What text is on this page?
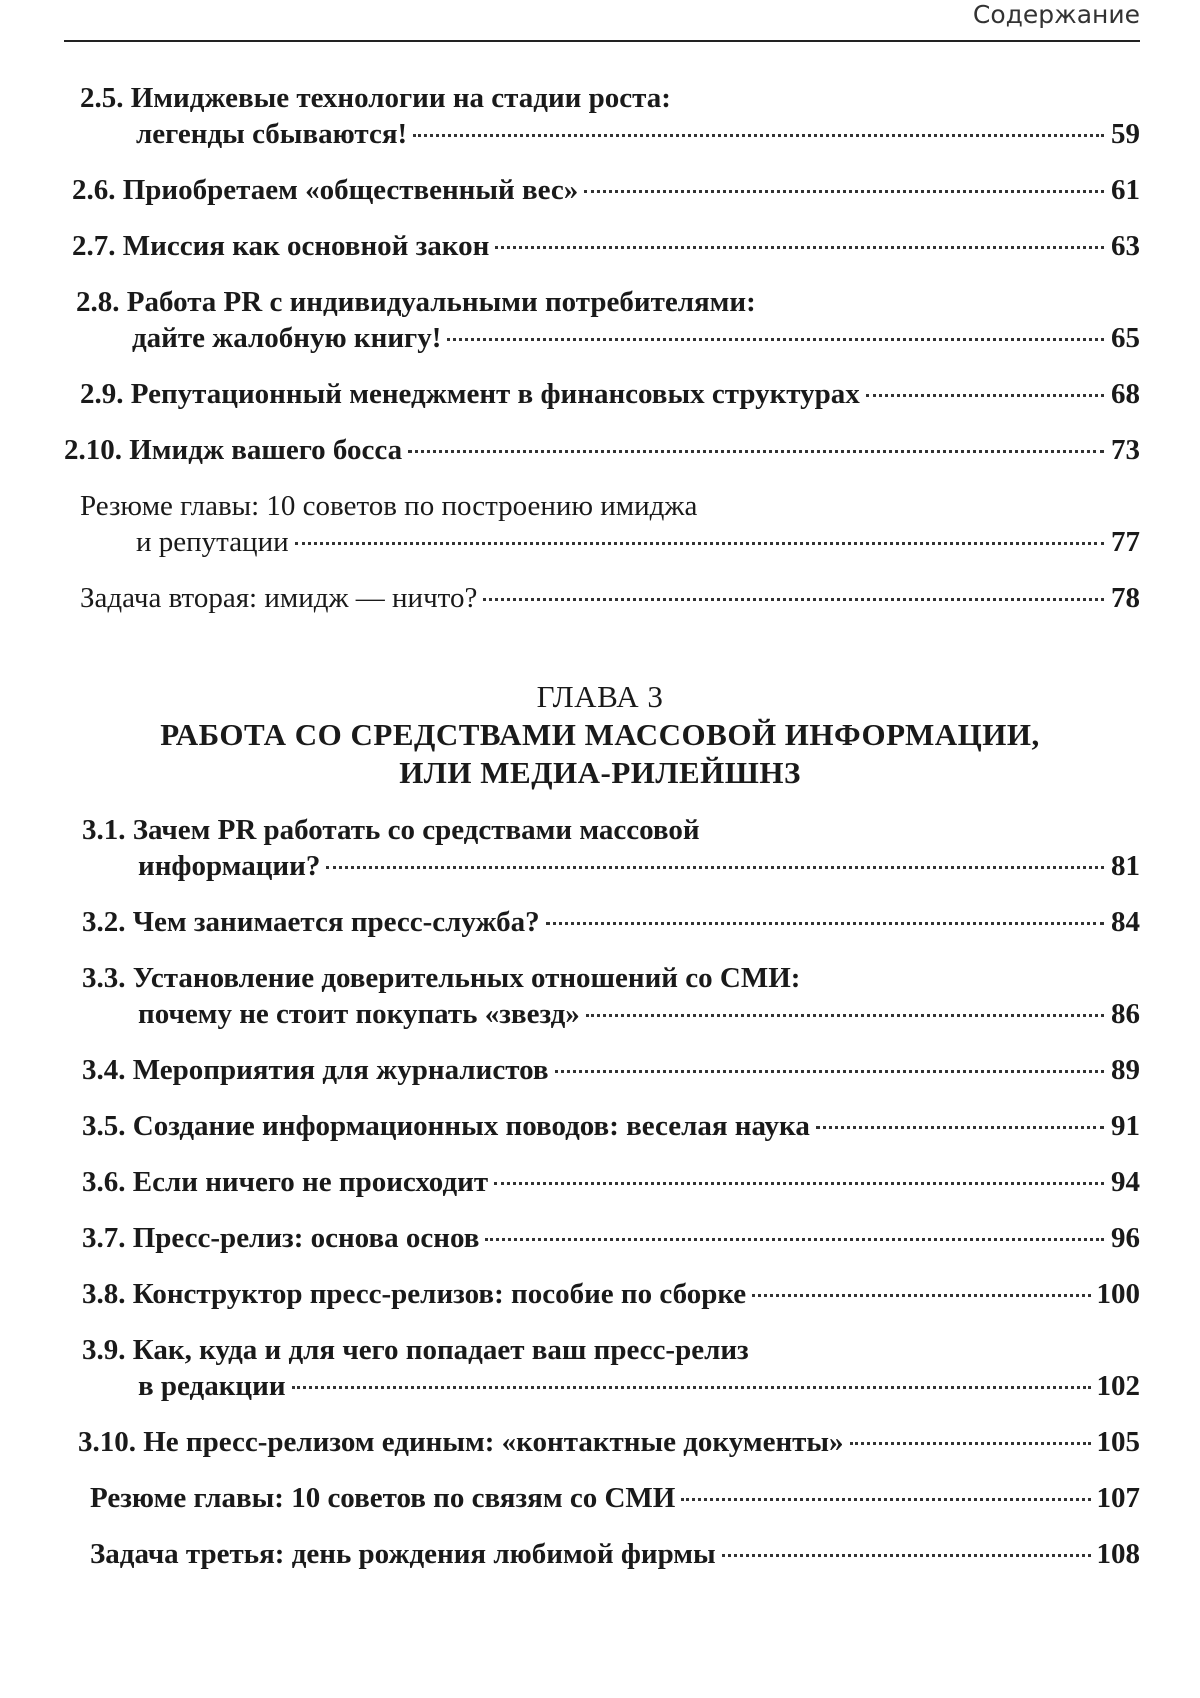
Содержание
2.5. Имиджевые технологии на стадии роста:
легенды сбываются!	59
2.6.
Приобретаем «общественный вес»	61
2.7.
Миссия как основной закон	63
2.8. Работа PR с индивидуальными потребителями:
дайте жалобную книгу!	65
2.9.
Репутационный менеджмент в финансовых структурах	68
2.10.
Имидж вашего босса	73
Резюме главы: 10 советов по построению имиджа
и репутации	77
Задача вторая: имидж — ничто?	78
ГЛАВА 3
РАБОТА СО СРЕДСТВАМИ МАССОВОЙ ИНФОРМАЦИИ,
ИЛИ МЕДИА-РИЛЕЙШНЗ
3.1. Зачем PR работать со средствами массовой
информации?	81
3.2.
Чем занимается пресс-служба?	84
3.3. Установление доверительных отношений со СМИ:
почему не стоит покупать «звезд»	86
3.4.
Мероприятия для журналистов	89
3.5.
Создание информационных поводов: веселая наука	91
3.6.
Если ничего не происходит	94
3.7.
Пресс-релиз: основа основ	96
3.8.
Конструктор пресс-релизов: пособие по сборке	100
3.9. Как, куда и для чего попадает ваш пресс-релиз
в редакции	102
3.10.
Не пресс-релизом единым: «контактные документы»	105
Резюме главы: 10 советов по связям со СМИ	107
Задача третья: день рождения любимой фирмы	108
